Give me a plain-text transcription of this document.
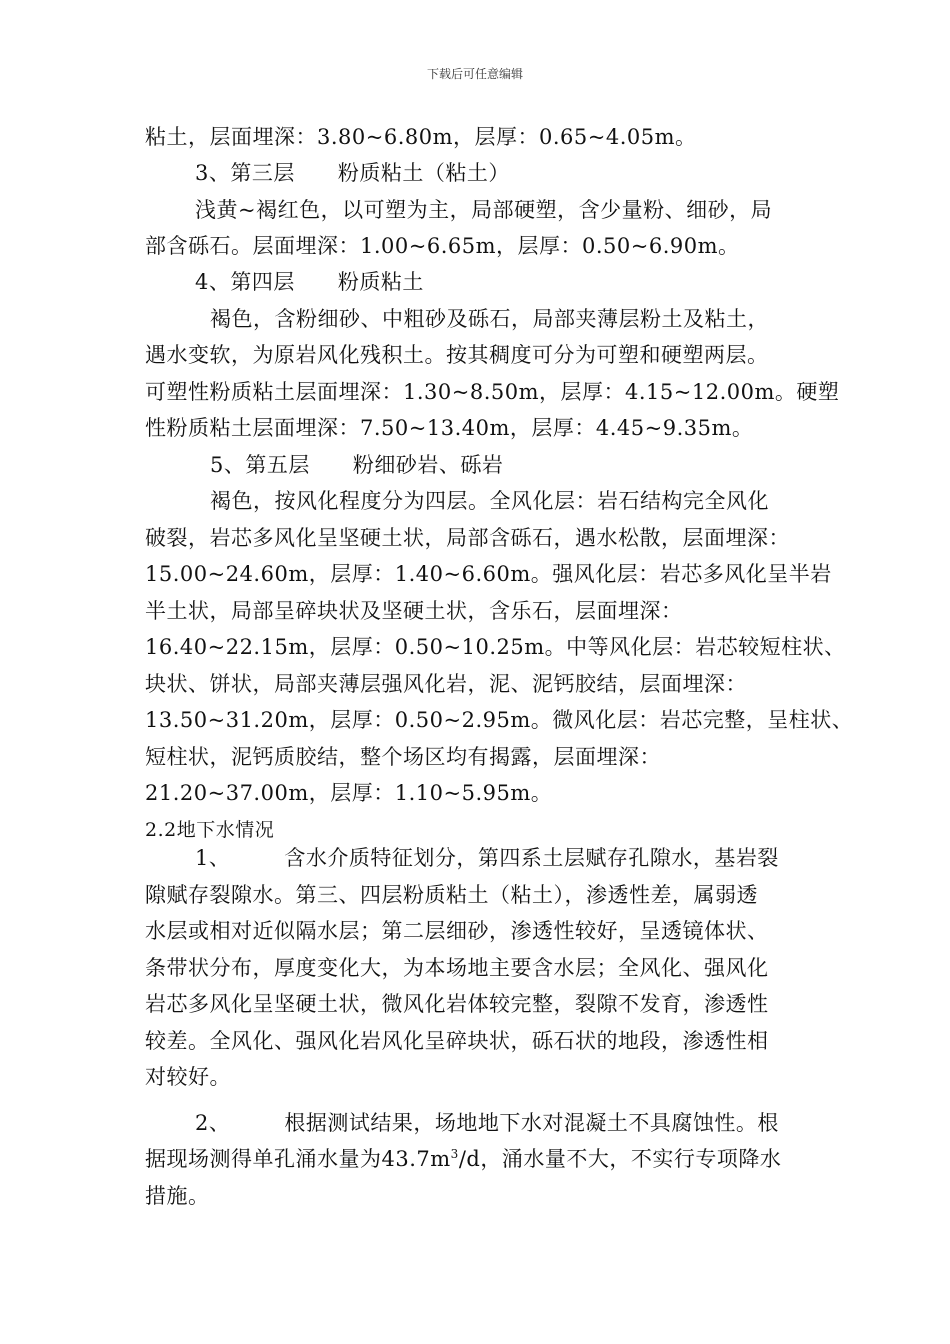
下载后可任意编辑
粘土，层面埋深：3.80~6.80m，层厚：0.65~4.05m。
3、第三层　　粉质粘土（粘土）
浅黄~褐红色，以可塑为主，局部硬塑，含少量粉、细砂，局
部含砾石。层面埋深：1.00~6.65m，层厚：0.50~6.90m。
4、第四层　　粉质粘土
褐色，含粉细砂、中粗砂及砾石，局部夹薄层粉土及粘土，
遇水变软，为原岩风化残积土。按其稠度可分为可塑和硬塑两层。
可塑性粉质粘土层面埋深：1.30~8.50m，层厚：4.15~12.00m。硬塑
性粉质粘土层面埋深：7.50~13.40m，层厚：4.45~9.35m。
5、第五层　　粉细砂岩、砾岩
褐色，按风化程度分为四层。全风化层：岩石结构完全风化
破裂，岩芯多风化呈坚硬土状，局部含砾石，遇水松散，层面埋深：
15.00~24.60m，层厚：1.40~6.60m。强风化层：岩芯多风化呈半岩
半土状，局部呈碎块状及坚硬土状，含乐石，层面埋深：
16.40~22.15m，层厚：0.50~10.25m。中等风化层：岩芯较短柱状、
块状、饼状，局部夹薄层强风化岩，泥、泥钙胶结，层面埋深：
13.50~31.20m，层厚：0.50~2.95m。微风化层：岩芯完整，呈柱状、
短柱状，泥钙质胶结，整个场区均有揭露，层面埋深：
21.20~37.00m，层厚：1.10~5.95m。
2.2地下水情况
1、　　　含水介质特征划分，第四系土层赋存孔隙水，基岩裂
隙赋存裂隙水。第三、四层粉质粘土（粘土），渗透性差，属弱透
水层或相对近似隔水层；第二层细砂，渗透性较好，呈透镜体状、
条带状分布，厚度变化大，为本场地主要含水层；全风化、强风化
岩芯多风化呈坚硬土状，微风化岩体较完整，裂隙不发育，渗透性
较差。全风化、强风化岩风化呈碎块状，砾石状的地段，渗透性相
对较好。
2、　　　根据测试结果，场地地下水对混凝土不具腐蚀性。根
据现场测得单孔涌水量为$43.7m^3/d$，涌水量不大，不实行专项降水
措施。
